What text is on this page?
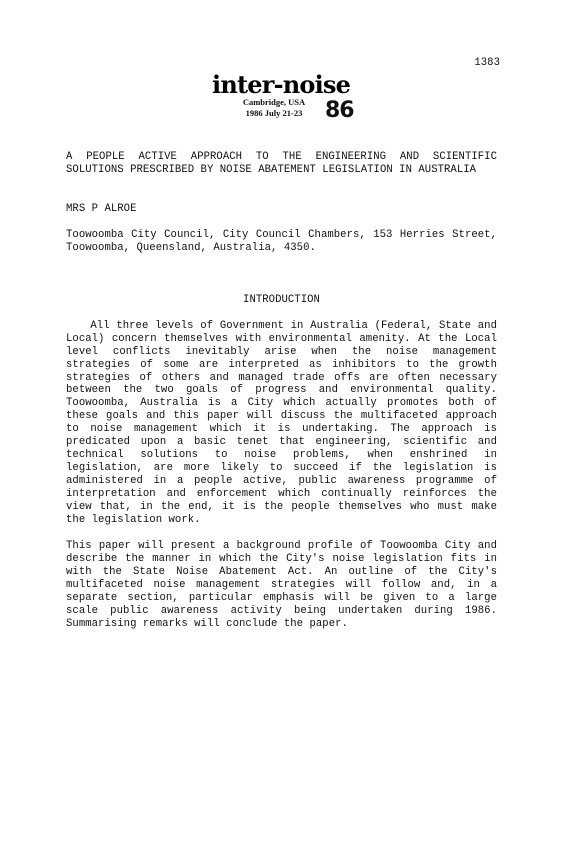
1383
inter-noise
Cambridge, USA
1986 July 21-23	86

A PEOPLE ACTIVE APPROACH TO THE ENGINEERING AND SCIENTIFIC SOLUTIONS PRESCRIBED BY NOISE ABATEMENT LEGISLATION IN AUSTRALIA

MRS P ALROE

Toowoomba City Council, City Council Chambers, 153 Herries Street, Toowoomba, Queensland, Australia, 4350.

INTRODUCTION

All three levels of Government in Australia (Federal, State and Local) concern themselves with environmental amenity. At the Local level conflicts inevitably arise when the noise management strategies of some are interpreted as inhibitors to the growth strategies of others and managed trade offs are often necessary between the two goals of progress and environmental quality. Toowoomba, Australia is a City which actually promotes both of these goals and this paper will discuss the multifaceted approach to noise management which it is undertaking. The approach is predicated upon a basic tenet that engineering, scientific and technical solutions to noise problems, when enshrined in legislation, are more likely to succeed if the legislation is administered in a people active, public awareness programme of interpretation and enforcement which continually reinforces the view that, in the end, it is the people themselves who must make the legislation work.

This paper will present a background profile of Toowoomba City and describe the manner in which the City's noise legislation fits in with the State Noise Abatement Act. An outline of the City's multifaceted noise management strategies will follow and, in a separate section, particular emphasis will be given to a large scale public awareness activity being undertaken during 1986. Summarising remarks will conclude the paper.
